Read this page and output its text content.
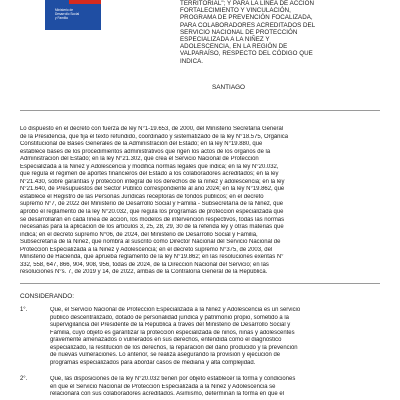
Ministerio de
Desarrollo Social
y Familia
TERRITORIAL"; Y PARA LA LÍNEA DE ACCIÓN
FORTALECIMIENTO Y VINCULACIÓN,
PROGRAMA DE PREVENCIÓN FOCALIZADA,
PARA COLABORADORES ACREDITADOS DEL
SERVICIO NACIONAL DE PROTECCIÓN
ESPECIALIZADA A LA NIÑEZ Y
ADOLESCENCIA, EN LA REGIÓN DE
VALPARAÍSO, RESPECTO DEL CÓDIGO QUE
INDICA.
SANTIAGO
Lo dispuesto en el decreto con fuerza de ley N°1-19.653, de 2000, del Ministerio Secretaría General
de la Presidencia, que fija el texto refundido, coordinado y sistematizado de la ley N°18.575, Orgánica
Constitucional de Bases Generales de la Administración del Estado; en la ley N°19.880, que
establece bases de los procedimientos administrativos que rigen los actos de los órganos de la
Administración del Estado; en la ley N°21.302, que crea el Servicio Nacional de Protección
Especializada a la Niñez y Adolescencia y modifica normas legales que indica; en la ley N°20.032,
que regula el régimen de aportes financieros del Estado a los colaboradores acreditados; en la ley
N°21.430, sobre garantías y protección integral de los derechos de la niñez y adolescencia; en la ley
N°21.640, de Presupuestos del Sector Público correspondiente al año 2024; en la ley N°19.862, que
establece el Registro de las Personas Jurídicas receptoras de fondos públicos; en el decreto
supremo N°7, de 2022 del Ministerio de Desarrollo Social y Familia - Subsecretaría de la Niñez, que
aprobó el reglamento de la ley N°20.032, que regula los programas de protección especializada que
se desarrollarán en cada línea de acción, los modelos de intervención respectivos, todas las normas
necesarias para la aplicación de los artículos 3, 25, 28, 29, 30 de la referida ley y otras materias que
indica; en el decreto supremo N°06, de 2024, del Ministerio de Desarrollo Social y Familia,
Subsecretaría de la Niñez, que nombra al suscrito como Director Nacional del Servicio Nacional de
Protección Especializada a la Niñez y Adolescencia; en el decreto supremo N°375, de 2003, del
Ministerio de Hacienda, que aprueba reglamento de la ley N°19.862; en las resoluciones exentas N°
332, 558, 647, 866, 904, 908, 956, todas de 2024, de la Dirección Nacional del Servicio; en las
resoluciones N°s. 7, de 2019 y 14, de 2022, ambas de la Contraloría General de la República.
CONSIDERANDO:
1°.	Que, el Servicio Nacional de Protección Especializada a la Niñez y Adolescencia es un servicio
público descentralizado, dotado de personalidad jurídica y patrimonio propio, sometido a la
supervigilancia del Presidente de la República a través del Ministerio de Desarrollo Social y
Familia, cuyo objeto es garantizar la protección especializada de niños, niñas y adolescentes
gravemente amenazados o vulnerados en sus derechos, entendida como el diagnóstico
especializado, la restitución de los derechos, la reparación del daño producido y la prevención
de nuevas vulneraciones. Lo anterior, se realiza asegurando la provisión y ejecución de
programas especializados para abordar casos de mediana y alta complejidad.
2°.	Que, las disposiciones de la ley N°20.032 tienen por objeto establecer la forma y condiciones
en que el Servicio Nacional de Protección Especializada a la Niñez y Adolescencia se
relacionará con sus colaboradores acreditados. Asimismo, determinan la forma en que el
